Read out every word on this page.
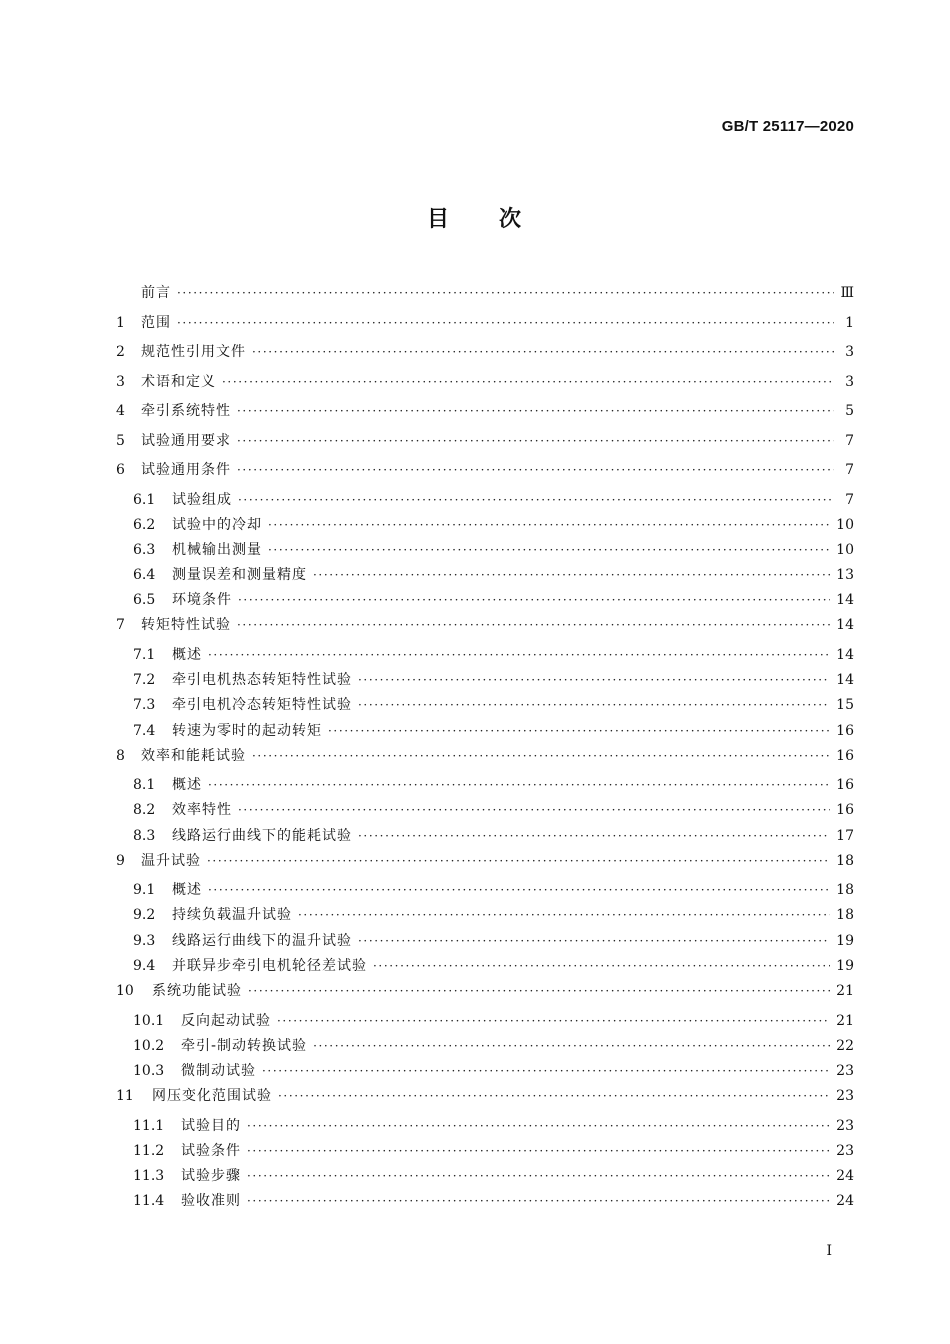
GB/T 25117—2020
目 次
前言 ·····	Ⅲ
1	范围 ·····	1
2	规范性引用文件 ·····	3
3	术语和定义 ·····	3
4	牵引系统特性 ·····	5
5	试验通用要求 ·····	7
6	试验通用条件 ·····	7
6.1	试验组成 ·····	7
6.2	试验中的冷却 ·····	10
6.3	机械输出测量 ·····	10
6.4	测量误差和测量精度 ·····	13
6.5	环境条件 ·····	14
7	转矩特性试验 ·····	14
7.1	概述 ·····	14
7.2	牵引电机热态转矩特性试验 ·····	14
7.3	牵引电机冷态转矩特性试验 ·····	15
7.4	转速为零时的起动转矩 ·····	16
8	效率和能耗试验 ·····	16
8.1	概述 ·····	16
8.2	效率特性 ·····	16
8.3	线路运行曲线下的能耗试验 ·····	17
9	温升试验 ·····	18
9.1	概述 ·····	18
9.2	持续负载温升试验 ·····	18
9.3	线路运行曲线下的温升试验 ·····	19
9.4	并联异步牵引电机轮径差试验 ·····	19
10	系统功能试验 ·····	21
10.1	反向起动试验 ·····	21
10.2	牵引-制动转换试验 ·····	22
10.3	微制动试验 ·····	23
11	网压变化范围试验 ·····	23
11.1	试验目的 ·····	23
11.2	试验条件 ·····	23
11.3	试验步骤 ·····	24
11.4	验收准则 ·····	24
I
